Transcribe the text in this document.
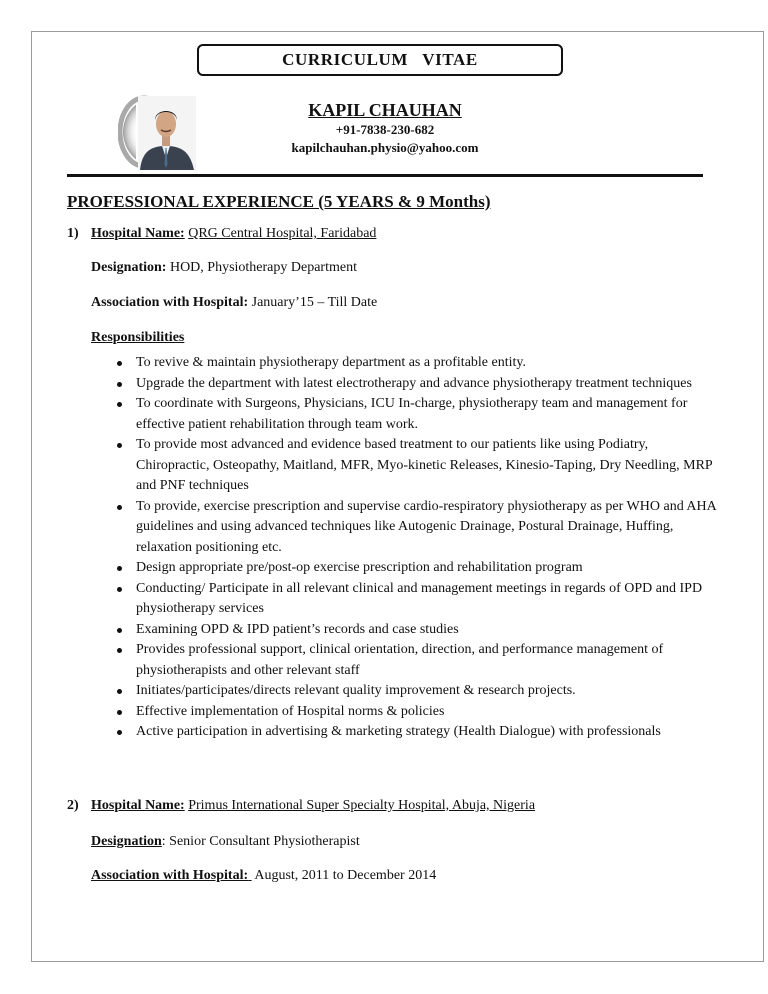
CURRICULUM   VITAE
KAPIL CHAUHAN
+91-7838-230-682
kapilchauhan.physio@yahoo.com
PROFESSIONAL EXPERIENCE (5 YEARS & 9 Months)
1) Hospital Name: QRG Central Hospital, Faridabad
Designation: HOD, Physiotherapy Department
Association with Hospital: January’15 – Till Date
Responsibilities
To revive & maintain physiotherapy department as a profitable entity.
Upgrade the department with latest electrotherapy and advance physiotherapy treatment techniques
To coordinate with Surgeons, Physicians, ICU In-charge, physiotherapy team and management for effective patient rehabilitation through team work.
To provide most advanced and evidence based treatment to our patients like using Podiatry, Chiropractic, Osteopathy, Maitland, MFR, Myo-kinetic Releases, Kinesio-Taping, Dry Needling, MRP and PNF techniques
To provide, exercise prescription and supervise cardio-respiratory physiotherapy as per WHO and AHA guidelines and using advanced techniques like Autogenic Drainage, Postural Drainage, Huffing, relaxation positioning etc.
Design appropriate pre/post-op exercise prescription and rehabilitation program
Conducting/ Participate in all relevant clinical and management meetings in regards of OPD and IPD physiotherapy services
Examining OPD & IPD patient’s records and case studies
Provides professional support, clinical orientation, direction, and performance management of physiotherapists and other relevant staff
Initiates/participates/directs relevant quality improvement & research projects.
Effective implementation of Hospital norms & policies
Active participation in advertising & marketing strategy (Health Dialogue) with professionals
2) Hospital Name: Primus International Super Specialty Hospital, Abuja, Nigeria
Designation: Senior Consultant Physiotherapist
Association with Hospital:  August, 2011 to December 2014
